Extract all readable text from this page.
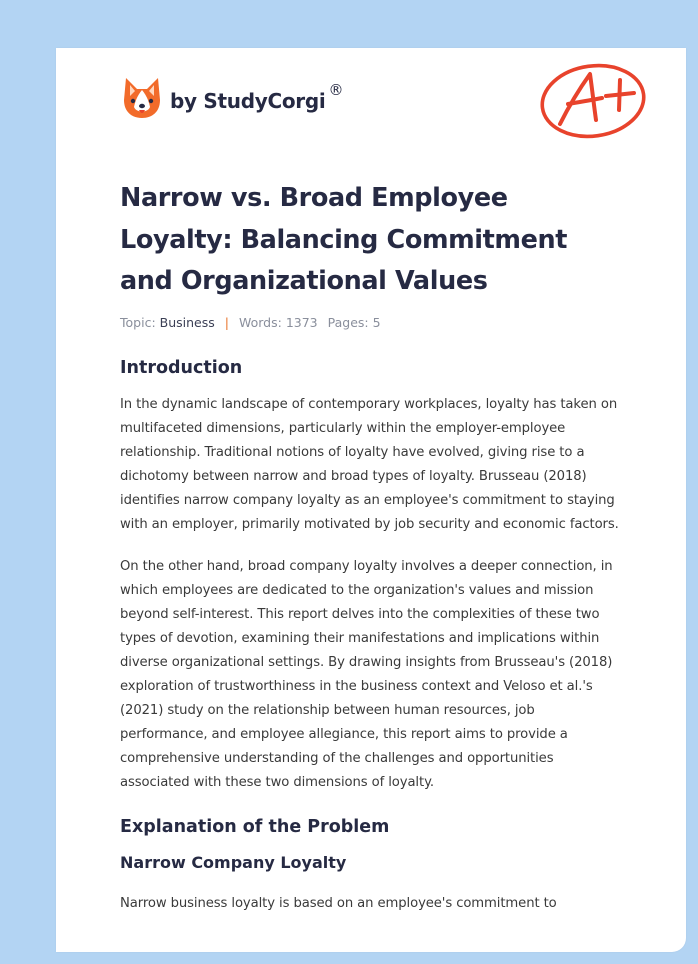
by StudyCorgi ®
Narrow vs. Broad Employee Loyalty: Balancing Commitment and Organizational Values
Topic: Business | Words: 1373 Pages: 5
Introduction

In the dynamic landscape of contemporary workplaces, loyalty has taken on multifaceted dimensions, particularly within the employer-employee relationship. Traditional notions of loyalty have evolved, giving rise to a dichotomy between narrow and broad types of loyalty. Brusseau (2018) identifies narrow company loyalty as an employee's commitment to staying with an employer, primarily motivated by job security and economic factors.

On the other hand, broad company loyalty involves a deeper connection, in which employees are dedicated to the organization's values and mission beyond self-interest. This report delves into the complexities of these two types of devotion, examining their manifestations and implications within diverse organizational settings. By drawing insights from Brusseau's (2018) exploration of trustworthiness in the business context and Veloso et al.'s (2021) study on the relationship between human resources, job performance, and employee allegiance, this report aims to provide a comprehensive understanding of the challenges and opportunities associated with these two dimensions of loyalty.

Explanation of the Problem
Narrow Company Loyalty

Narrow business loyalty is based on an employee's commitment to
